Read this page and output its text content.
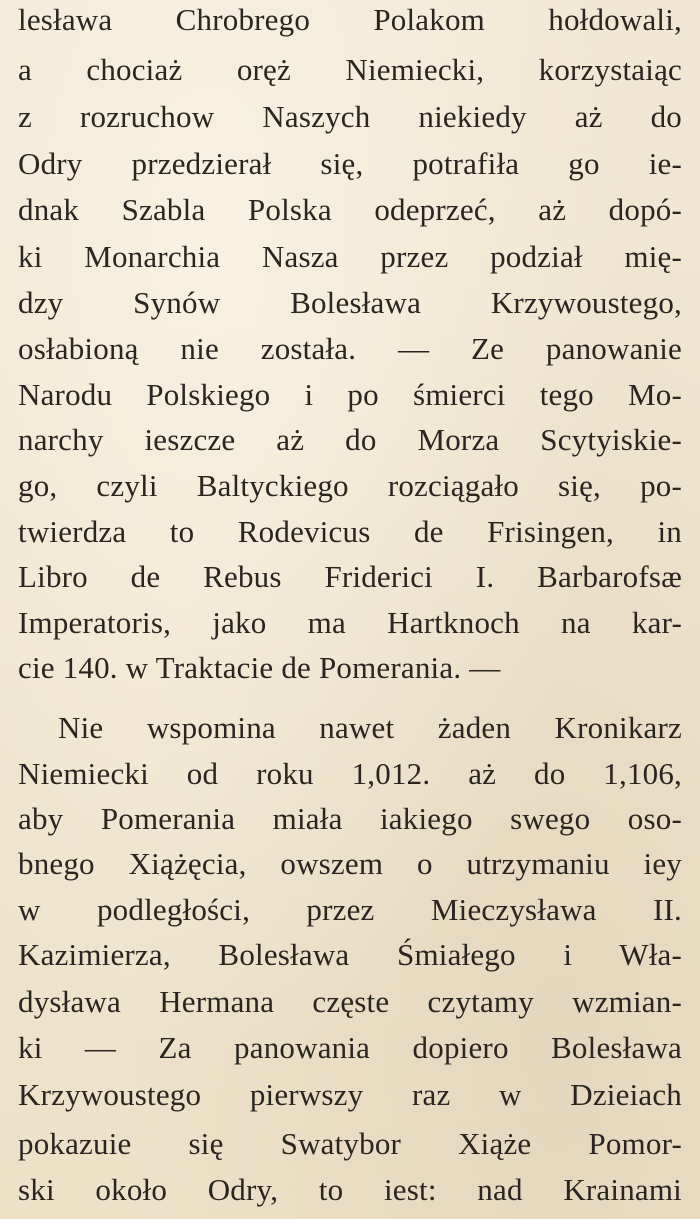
lesława Chrobrego Polakom hołdowali,
a chociaż oręż Niemiecki, korzystaiąc
z rozruchow Naszych niekiedy aż do
Odry przedzierał się, potrafiła go ie-
dnak Szabla Polska odeprzeć, aż dopó-
ki Monarchia Nasza przez podział mię-
dzy Synów Bolesława Krzywoustego,
osłabioną nie została. — Ze panowanie
Narodu Polskiego i po śmierci tego Mo-
narchy ieszcze aż do Morza Scytyiskie-
go, czyli Baltyckiego rozciągało się, po-
twierdza to Rodevicus de Frisingen, in
Libro de Rebus Friderici I. Barbarofsæ
Imperatoris, jako ma Hartknoch na kar-
cie 140. w Traktacie de Pomerania. —
Nie wspomina nawet żaden Kronikarz
Niemiecki od roku 1,012. aż do 1,106,
aby Pomerania miała iakiego swego oso-
bnego Xiążęcia, owszem o utrzymaniu iey
w podległości, przez Mieczysława II.
Kazimierza, Bolesława Śmiałego i Wła-
dysława Hermana częste czytamy wzmian-
ki — Za panowania dopiero Bolesława
Krzywoustego pierwszy raz w Dzieiach
pokazuie się Swatybor Xiąże Pomor-
ski około Odry, to iest: nad Krainami
